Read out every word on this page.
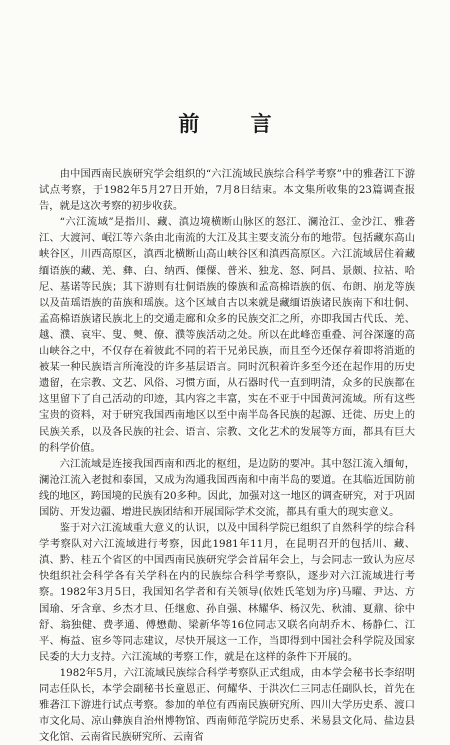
前 言

由中国西南民族研究学会组织的“六江流域民族综合科学考察”中的雅砻江下游试点考察，于1982年5月27日开始，7月8日结束。本文集所收集的23篇调查报告，就是这次考察的初步收获。

“六江流域”是指川、藏、滇边境横断山脉区的怒江、澜沧江、金沙江、雅砻江、大渡河、岷江等六条由北南流的大江及其主要支流分布的地带。包括藏东高山峡谷区，川西高原区，滇西北横断山高山峡谷区和滇西高原区。六江流域居住着藏缅语族的藏、羌、彝、白、纳西、傈僳、普米、独龙、怒、阿昌、景颇、拉祜、哈尼、基诺等民族；其下游则有壮侗语族的傣族和孟高棉语族的佤、布朗、崩龙等族以及苗瑶语族的苗族和瑶族。这个区域自古以来就是藏缅语族诸民族南下和壮侗、孟高棉语族诸民族北上的交通走廊和众多的民族交汇之所，亦即我国古代氐、羌、越、濮、哀牢、叟、僰、僚、濮等族活动之处。所以在此峰峦重叠、河谷深邃的高山峡谷之中，不仅存在着彼此不同的若干兄弟民族，而且至今还保存着即将消逝的被某一种民族语言所淹没的许多基层语言。同时沉积着许多至今还在起作用的历史遗留，在宗教、文艺、风俗、习惯方面，从石器时代一直到明清，众多的民族都在这里留下了自己活动的印迹，其内容之丰富，实在不亚于中国黄河流域。所有这些宝贵的资料，对于研究我国西南地区以至中南半岛各民族的起源、迁徙、历史上的民族关系，以及各民族的社会、语言、宗教、文化艺术的发展等方面，都具有巨大的科学价值。

六江流域是连接我国西南和西北的枢纽，是边防的要冲。其中怒江流入缅甸，澜沧江流入老挝和泰国，又成为沟通我国西南和中南半岛的要道。在其临近国防前线的地区，跨国境的民族有20多种。因此，加强对这一地区的调查研究，对于巩固国防、开发边疆、增进民族团结和开展国际学术交流，都具有重大的现实意义。

鉴于对六江流域重大意义的认识，以及中国科学院已组织了自然科学的综合科学考察队对六江流域进行考察，因此1981年11月，在昆明召开的包括川、藏、滇、黔、桂五个省区的中国西南民族研究学会首届年会上，与会同志一致认为应尽快组织社会科学各有关学科在内的民族综合科学考察队，逐步对六江流域进行考察。1982年3月5日，我国知名学者和有关领导(依姓氏笔划为序)马曜、尹达、方国瑜、牙含章、乡杰才旦、任继愈、孙自强、林耀华、杨汉先、秋浦、夏鼐、徐中舒、翁独健、费孝通、傅懋勣、梁新华等16位同志又联名向胡乔木、杨静仁、江平、梅益、宦乡等同志建议，尽快开展这一工作，当即得到中国社会科学院及国家民委的大力支持。六江流域的考察工作，就是在这样的条件下开展的。

1982年5月，六江流域民族综合科学考察队正式组成，由本学会秘书长李绍明同志任队长，本学会副秘书长童恩正、何耀华、于洪次仁三同志任副队长，首先在雅砻江下游进行试点考察。参加的单位有西南民族研究所、四川大学历史系、渡口市文化局、凉山彝族自治州博物馆、西南师范学院历史系、米易县文化局、盐边县文化馆、云南省民族研究所、云南省
